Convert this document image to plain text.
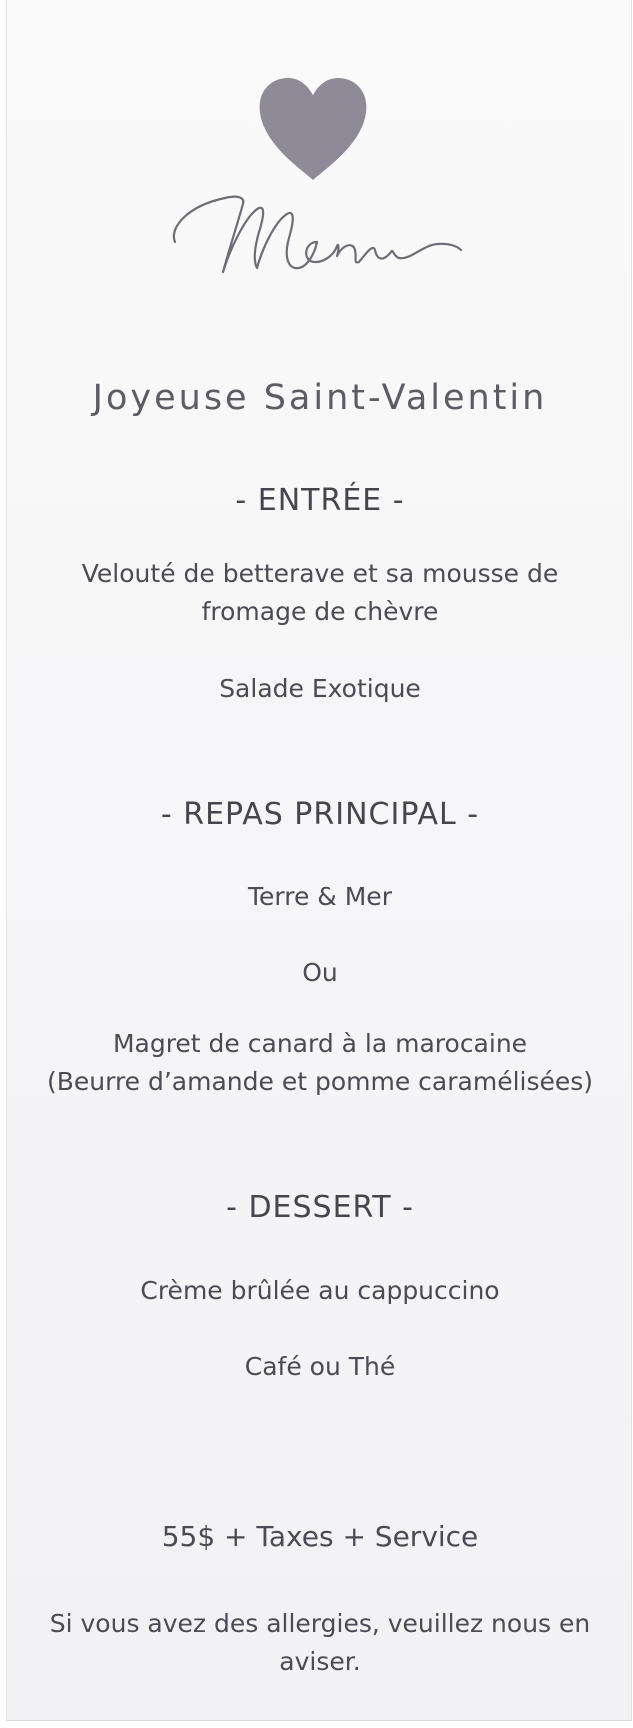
Joyeuse Saint-Valentin
- ENTRÉE -
Velouté de betterave et sa mousse de
fromage de chèvre
Salade Exotique
- REPAS PRINCIPAL -
Terre & Mer
Ou
Magret de canard à la marocaine
(Beurre d’amande et pomme caramélisées)
- DESSERT -
Crème brûlée au cappuccino
Café ou Thé
55$ + Taxes + Service
Si vous avez des allergies, veuillez nous en
aviser.
